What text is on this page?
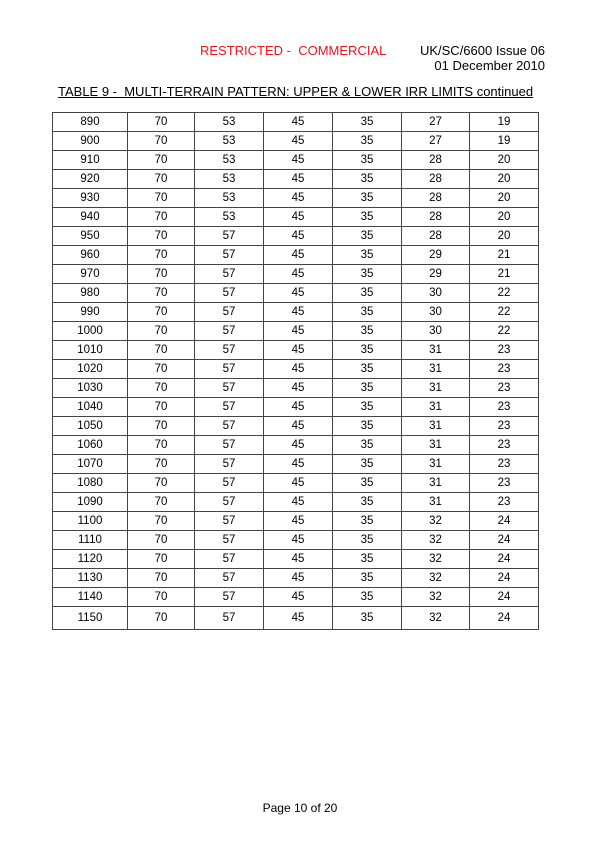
RESTRICTED -  COMMERCIAL	UK/SC/6600 Issue 06
01 December 2010
TABLE 9 -  MULTI-TERRAIN PATTERN: UPPER & LOWER IRR LIMITS continued
890	70	53	45	35	27	19
900	70	53	45	35	27	19
910	70	53	45	35	28	20
920	70	53	45	35	28	20
930	70	53	45	35	28	20
940	70	53	45	35	28	20
950	70	57	45	35	28	20
960	70	57	45	35	29	21
970	70	57	45	35	29	21
980	70	57	45	35	30	22
990	70	57	45	35	30	22
1000	70	57	45	35	30	22
1010	70	57	45	35	31	23
1020	70	57	45	35	31	23
1030	70	57	45	35	31	23
1040	70	57	45	35	31	23
1050	70	57	45	35	31	23
1060	70	57	45	35	31	23
1070	70	57	45	35	31	23
1080	70	57	45	35	31	23
1090	70	57	45	35	31	23
1100	70	57	45	35	32	24
1110	70	57	45	35	32	24
1120	70	57	45	35	32	24
1130	70	57	45	35	32	24
1140	70	57	45	35	32	24
1150	70	57	45	35	32	24
Page 10 of 20
